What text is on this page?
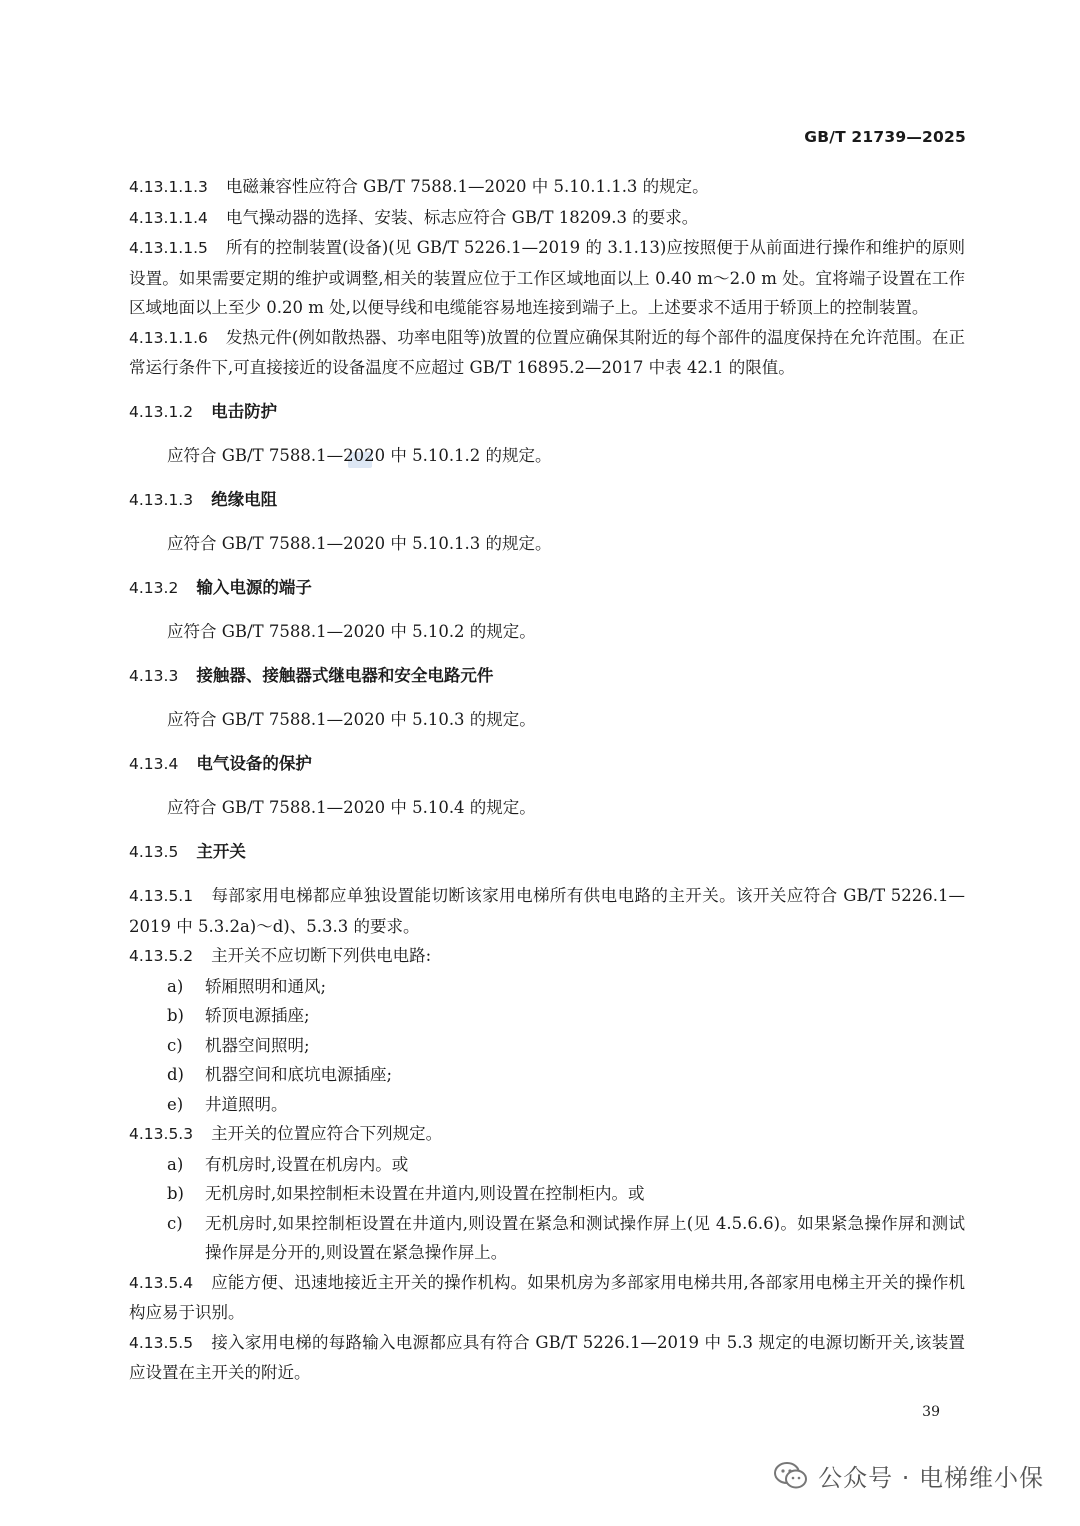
GB/T 21739—2025

4.13.1.1.3 电磁兼容性应符合 GB/T 7588.1—2020 中 5.10.1.1.3 的规定。

4.13.1.1.4 电气操动器的选择、安装、标志应符合 GB/T 18209.3 的要求。

4.13.1.1.5 所有的控制装置(设备)(见 GB/T 5226.1—2019 的 3.1.13)应按照便于从前面进行操作和维护的原则设置。如果需要定期的维护或调整,相关的装置应位于工作区域地面以上 0.40 m～2.0 m 处。宜将端子设置在工作区域地面以上至少 0.20 m 处,以便导线和电缆能容易地连接到端子上。上述要求不适用于轿顶上的控制装置。

4.13.1.1.6 发热元件(例如散热器、功率电阻等)放置的位置应确保其附近的每个部件的温度保持在允许范围。在正常运行条件下,可直接接近的设备温度不应超过 GB/T 16895.2—2017 中表 42.1 的限值。

4.13.1.2 电击防护

应符合 GB/T 7588.1—2020 中 5.10.1.2 的规定。

4.13.1.3 绝缘电阻

应符合 GB/T 7588.1—2020 中 5.10.1.3 的规定。

4.13.2 输入电源的端子

应符合 GB/T 7588.1—2020 中 5.10.2 的规定。

4.13.3 接触器、接触器式继电器和安全电路元件

应符合 GB/T 7588.1—2020 中 5.10.3 的规定。

4.13.4 电气设备的保护

应符合 GB/T 7588.1—2020 中 5.10.4 的规定。

4.13.5 主开关

4.13.5.1 每部家用电梯都应单独设置能切断该家用电梯所有供电电路的主开关。该开关应符合 GB/T 5226.1—2019 中 5.3.2a)～d)、5.3.3 的要求。

4.13.5.2 主开关不应切断下列供电电路:

a)	轿厢照明和通风;
b)	轿顶电源插座;
c)	机器空间照明;
d)	机器空间和底坑电源插座;
e)	井道照明。

4.13.5.3 主开关的位置应符合下列规定。

a)	有机房时,设置在机房内。或
b)	无机房时,如果控制柜未设置在井道内,则设置在控制柜内。或
c)	无机房时,如果控制柜设置在井道内,则设置在紧急和测试操作屏上(见 4.5.6.6)。如果紧急操作屏和测试操作屏是分开的,则设置在紧急操作屏上。

4.13.5.4 应能方便、迅速地接近主开关的操作机构。如果机房为多部家用电梯共用,各部家用电梯主开关的操作机构应易于识别。

4.13.5.5 接入家用电梯的每路输入电源都应具有符合 GB/T 5226.1—2019 中 5.3 规定的电源切断开关,该装置应设置在主开关的附近。

39
公众号 · 电梯维小保
